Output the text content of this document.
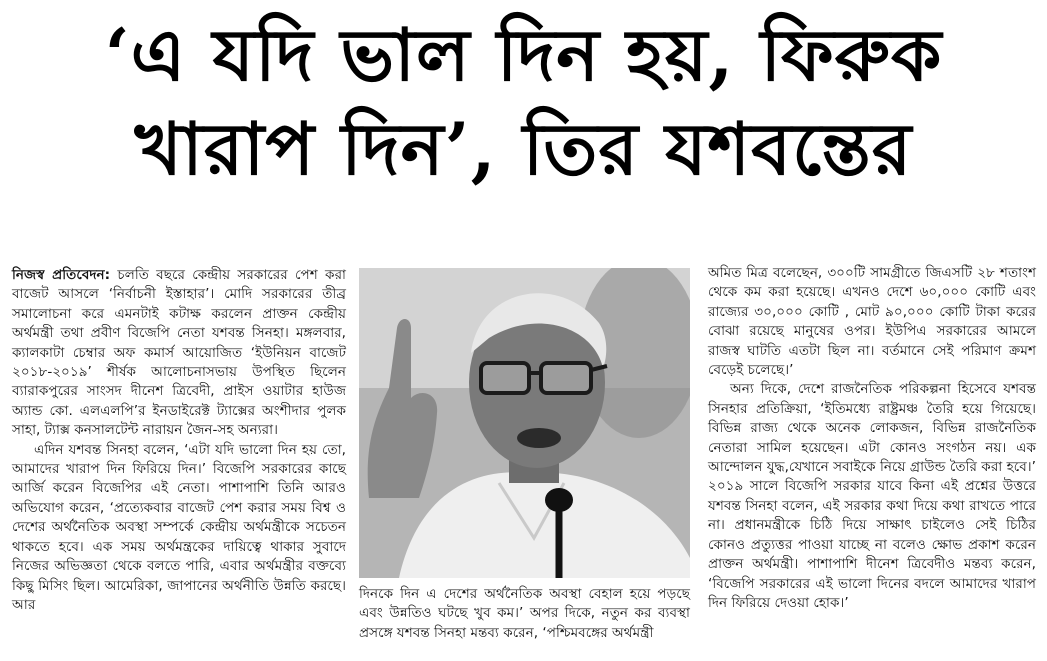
‘এ যদি ভাল দিন হয়, ফিরুক
খারাপ দিন’, তির যশবন্তের

নিজস্ব প্রতিবেদন: চলতি বছরে কেন্দ্রীয় সরকারের পেশ করা বাজেট আসলে ‘নির্বাচনী ইস্তাহার’। মোদি সরকারের তীব্র সমালোচনা করে এমনটাই কটাক্ষ করলেন প্রাক্তন কেন্দ্রীয় অর্থমন্ত্রী তথা প্রবীণ বিজেপি নেতা যশবন্ত সিনহা। মঙ্গলবার, ক্যালকাটা চেম্বার অফ কমার্স আয়োজিত ‘ইউনিয়ন বাজেট ২০১৮-২০১৯’ শীর্ষক আলোচনাসভায় উপস্থিত ছিলেন ব্যারাকপুরের সাংসদ দীনেশ ত্রিবেদী, প্রাইস ওয়াটার হাউজ অ্যান্ড কো. এলএলপি’র ইনডাইরেক্ট ট্যাক্সের অংশীদার পুলক সাহা, ট্যাক্স কনসালটেন্ট নারায়ন জৈন-সহ অন্যরা।

এদিন যশবন্ত সিনহা বলেন, ‘এটা যদি ভালো দিন হয় তো, আমাদের খারাপ দিন ফিরিয়ে দিন।’ বিজেপি সরকারের কাছে আর্জি করেন বিজেপির এই নেতা। পাশাপাশি তিনি আরও অভিযোগ করেন, ‘প্রত্যেকবার বাজেট পেশ করার সময় বিশ্ব ও দেশের অর্থনৈতিক অবস্থা সম্পর্কে কেন্দ্রীয় অর্থমন্ত্রীকে সচেতন থাকতে হবে। এক সময় অর্থমন্ত্রকের দায়িত্বে থাকার সুবাদে নিজের অভিজ্ঞতা থেকে বলতে পারি, এবার অর্থমন্ত্রীর বক্তব্যে কিছু মিসিং ছিল। আমেরিকা, জাপানের অর্থনীতি উন্নতি করছে। আর

দিনকে দিন এ দেশের অর্থনৈতিক অবস্থা বেহাল হয়ে পড়ছে এবং উন্নতিও ঘটছে খুব কম।’ অপর দিকে, নতুন কর ব্যবস্থা প্রসঙ্গে যশবন্ত সিনহা মন্তব্য করেন, ‘পশ্চিমবঙ্গের অর্থমন্ত্রী

অমিত মিত্র বলেছেন, ৩০০টি সামগ্রীতে জিএসটি ২৮ শতাংশ থেকে কম করা হয়েছে। এখনও দেশে ৬০,০০০ কোটি এবং রাজ্যের ৩০,০০০ কোটি , মোট ৯০,০০০ কোটি টাকা করের বোঝা রয়েছে মানুষের ওপর। ইউপিএ সরকারের আমলে রাজস্ব ঘাটতি এতটা ছিল না। বর্তমানে সেই পরিমাণ ক্রমশ বেড়েই চলেছে।’

অন্য দিকে, দেশে রাজনৈতিক পরিকল্পনা হিসেবে যশবন্ত সিনহার প্রতিক্রিয়া, ‘ইতিমধ্যে রাষ্ট্রমঞ্চ তৈরি হয়ে গিয়েছে। বিভিন্ন রাজ্য থেকে অনেক লোকজন, বিভিন্ন রাজনৈতিক নেতারা সামিল হয়েছেন। এটা কোনও সংগঠন নয়। এক আন্দোলন যুদ্ধ,যেখানে সবাইকে নিয়ে গ্রাউন্ড তৈরি করা হবে।’ ২০১৯ সালে বিজেপি সরকার যাবে কিনা এই প্রশ্নের উত্তরে যশবন্ত সিনহা বলেন, এই সরকার কথা দিয়ে কথা রাখতে পারে না। প্রধানমন্ত্রীকে চিঠি দিয়ে সাক্ষাৎ চাইলেও সেই চিঠির কোনও প্রত্যুত্তর পাওয়া যাচ্ছে না বলেও ক্ষোভ প্রকাশ করেন প্রাক্তন অর্থমন্ত্রী। পাশাপাশি দীনেশ ত্রিবেদীও মন্তব্য করেন, ‘বিজেপি সরকারের এই ভালো দিনের বদলে আমাদের খারাপ দিন ফিরিয়ে দেওয়া হোক।’
